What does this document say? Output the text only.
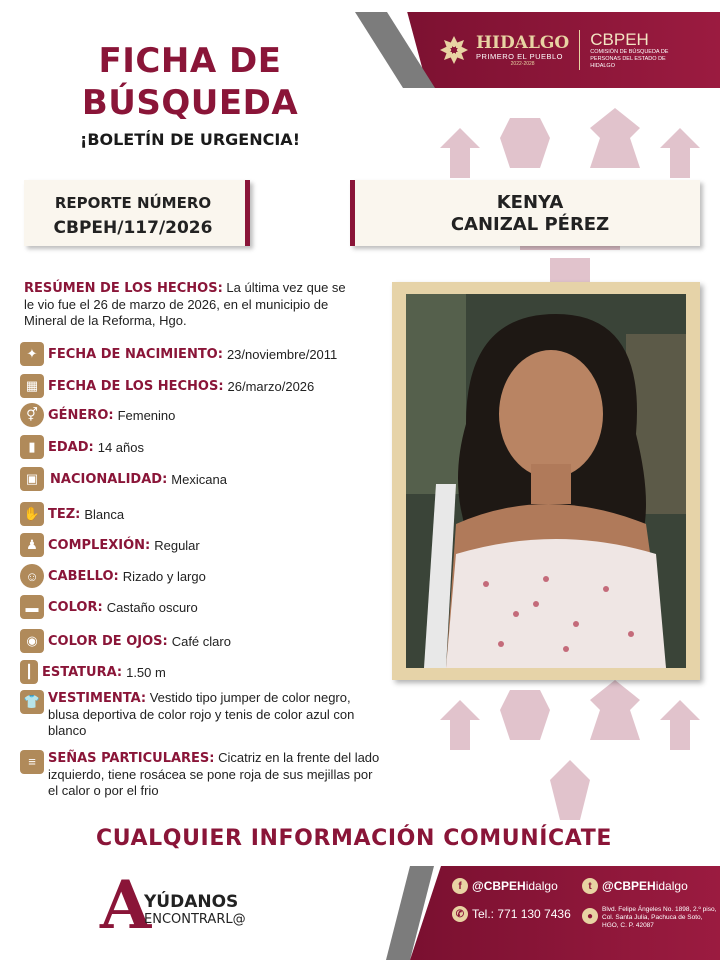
FICHA DE
BÚSQUEDA
¡BOLETÍN DE URGENCIA!
HIDALGO
PRIMERO EL PUEBLO
2022-2028
CBPEH
COMISIÓN DE BÚSQUEDA DE PERSONAS DEL ESTADO DE HIDALGO
REPORTE NÚMERO
CBPEH/117/2026
KENYA
CANIZAL PÉREZ
RESÚMEN DE LOS HECHOS: La última vez que se le vio fue el 26 de marzo de 2026, en el municipio de Mineral de la Reforma, Hgo.
✦ FECHA DE NACIMIENTO: 23/noviembre/2011
▦ FECHA DE LOS HECHOS: 26/marzo/2026
⚥ GÉNERO: Femenino
▮ EDAD: 14 años
▣ NACIONALIDAD: Mexicana
✋ TEZ: Blanca
♟ COMPLEXIÓN: Regular
☺ CABELLO: Rizado y largo
▬ COLOR: Castaño oscuro
◉ COLOR DE OJOS: Café claro
┃ ESTATURA: 1.50 m
👕 VESTIMENTA: Vestido tipo jumper de color negro, blusa deportiva de color rojo y tenis de color azul con blanco
≡ SEÑAS PARTICULARES: Cicatriz en la frente del lado izquierdo, tiene rosácea se pone roja de sus mejillas por el calor o por el frio
CUALQUIER INFORMACIÓN COMUNÍCATE
A
YÚDANOS
ENCONTRARL@
f @CBPEH idalgo	t @CBPEH idalgo
✆ Tel.: 771 130 7436	●
Blvd. Felipe Ángeles No. 1898, 2.º piso, Col. Santa Julia, Pachuca de Soto, HGO, C. P. 42087
